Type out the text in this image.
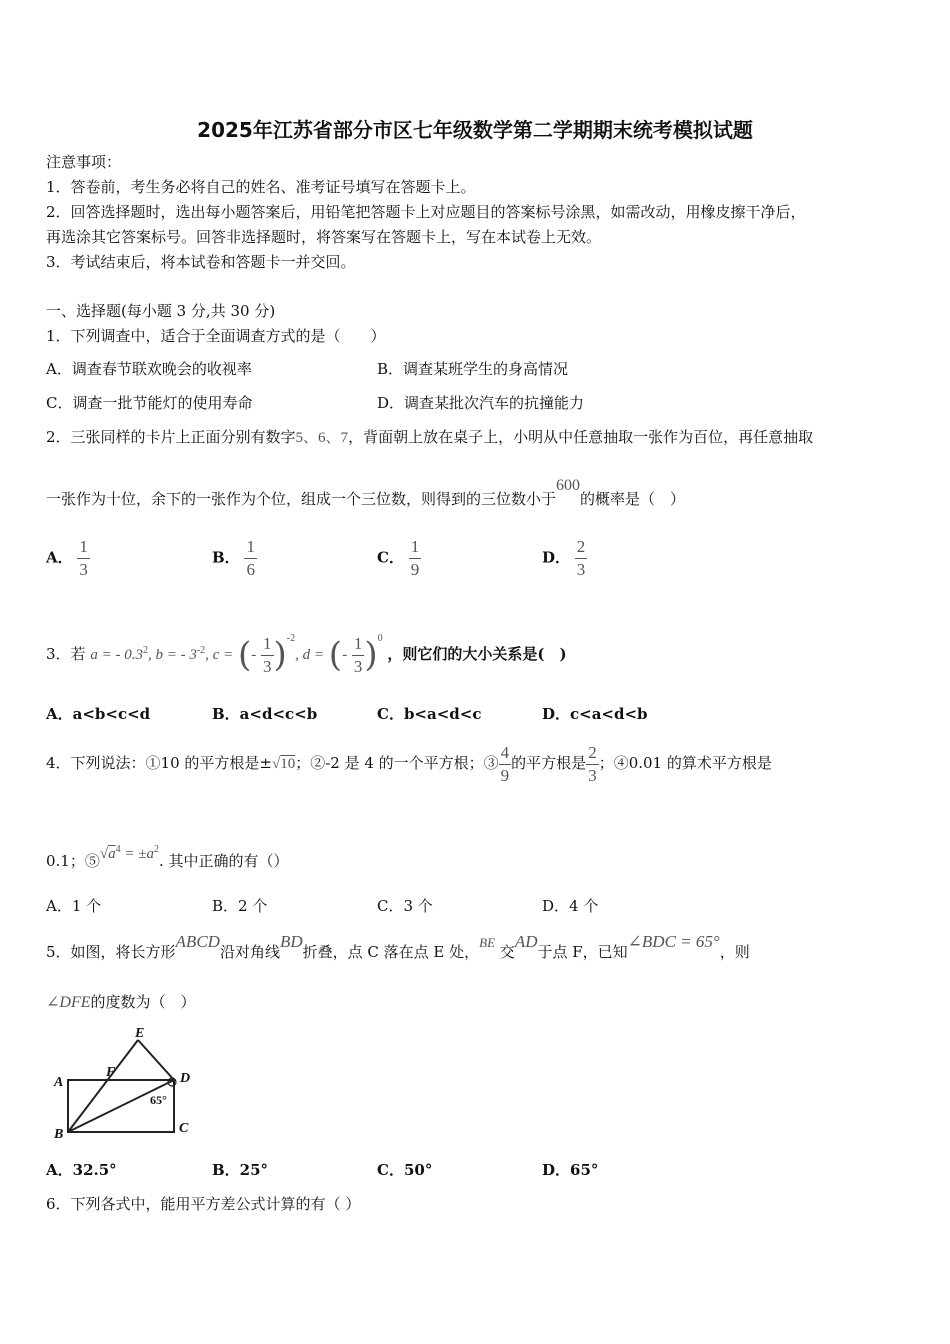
2025年江苏省部分市区七年级数学第二学期期末统考模拟试题
注意事项：
1．答卷前，考生务必将自己的姓名、准考证号填写在答题卡上。
2．回答选择题时，选出每小题答案后，用铅笔把答题卡上对应题目的答案标号涂黑，如需改动，用橡皮擦干净后，
再选涂其它答案标号。回答非选择题时，将答案写在答题卡上，写在本试卷上无效。
3．考试结束后，将本试卷和答题卡一并交回。
一、选择题(每小题 3 分,共 30 分)
1．下列调查中，适合于全面调查方式的是（　　）
A．调查春节联欢晚会的收视率	B．调查某班学生的身高情况
C．调查一批节能灯的使用寿命	D．调查某批次汽车的抗撞能力
2．三张同样的卡片上正面分别有数字5、6、7，背面朝上放在桌子上，小明从中任意抽取一张作为百位，再任意抽取
一张作为十位，余下的一张作为个位，组成一个三位数，则得到的三位数小于600的概率是（　）
A． $\frac{1}{3}$	B． $\frac{1}{6}$	C． $\frac{1}{9}$	D． $\frac{2}{3}$
3．若 a = - $0.3^2$, b = - $3^{-2}$, c = (- $\frac{1}{3} )^{-2}$, d = (- $\frac{1}{3} )^0$ ，则它们的大小关系是(　)
A．a<b<c<d	B．a<d<c<b	C．b<a<d<c	D．c<a<d<b
4．下列说法：①10 的平方根是±√10；②-2 是 4 的一个平方根；③ $\frac{4}{9}$ 的平方根是 $\frac{2}{3}$ ；④0.01 的算术平方根是
0.1；$⑤√a^4 = \pm a^2$. 其中正确的有（）
A．1 个	B．2 个	C．3 个	D．4 个
5．如图，将长方形ABCD沿对角线BD折叠，点 C 落在点 E 处，BE 交AD于点 F，已知∠BDC = 65°，则
∠DFE的度数为（　）
E
F
A	D
B	C
65°
A．32.5°	B．25°	C．50°	D．65°
6．下列各式中，能用平方差公式计算的有（ ）
